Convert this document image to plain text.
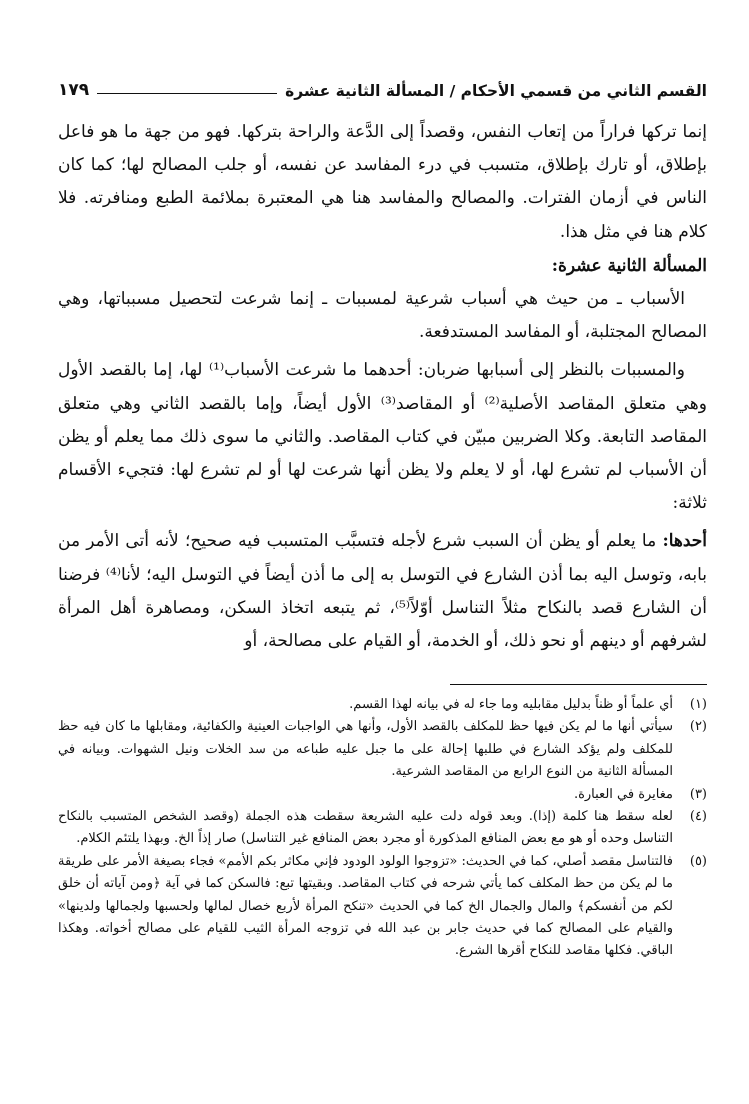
القسم الثاني من قسمي الأحكام / المسألة الثانية عشرة
١٧٩

إنما تركها فراراً من إتعاب النفس، وقصداً إلى الدَّعة والراحة بتركها. فهو من جهة ما هو فاعل بإطلاق، أو تارك بإطلاق، متسبب في درء المفاسد عن نفسه، أو جلب المصالح لها؛ كما كان الناس في أزمان الفترات. والمصالح والمفاسد هنا هي المعتبرة بملائمة الطبع ومنافرته. فلا كلام هنا في مثل هذا.

المسألة الثانية عشرة:

الأسباب ـ من حيث هي أسباب شرعية لمسببات ـ إنما شرعت لتحصيل مسبباتها، وهي المصالح المجتلبة، أو المفاسد المستدفعة.

والمسببات بالنظر إلى أسبابها ضربان: أحدهما ما شرعت الأسباب⁽¹⁾ لها، إما بالقصد الأول وهي متعلق المقاصد الأصلية⁽²⁾ أو المقاصد⁽³⁾ الأول أيضاً، وإما بالقصد الثاني وهي متعلق المقاصد التابعة. وكلا الضربين مبيّن في كتاب المقاصد. والثاني ما سوى ذلك مما يعلم أو يظن أن الأسباب لم تشرع لها، أو لا يعلم ولا يظن أنها شرعت لها أو لم تشرع لها: فتجيء الأقسام ثلاثة:

أحدها: ما يعلم أو يظن أن السبب شرع لأجله فتسبَّب المتسبب فيه صحيح؛ لأنه أتى الأمر من بابه، وتوسل اليه بما أذن الشارع في التوسل به إلى ما أذن أيضاً في التوسل اليه؛ لأنا⁽⁴⁾ فرضنا أن الشارع قصد بالنكاح مثلاً التناسل أوّلاً⁽⁵⁾، ثم يتبعه اتخاذ السكن، ومصاهرة أهل المرأة لشرفهم أو دينهم أو نحو ذلك، أو الخدمة، أو القيام على مصالحة، أو

(١)
أي علماً أو ظناً بدليل مقابليه وما جاء له في بيانه لهذا القسم.
(٢)
سيأتي أنها ما لم يكن فيها حظ للمكلف بالقصد الأول، وأنها هي الواجبات العينية والكفائية، ومقابلها ما كان فيه حظ للمكلف ولم يؤكد الشارع في طلبها إحالة على ما جبل عليه طباعه من سد الخلات ونيل الشهوات. وبيانه في المسألة الثانية من النوع الرابع من المقاصد الشرعية.
(٣)
مغايرة في العبارة.
(٤)
لعله سقط هنا كلمة (إذا). وبعد قوله دلت عليه الشريعة سقطت هذه الجملة (وقصد الشخص المتسبب بالنكاح التناسل وحده أو هو مع بعض المنافع المذكورة أو مجرد بعض المنافع غير التناسل) صار إذاً الخ. وبهذا يلتئم الكلام.
(٥)
فالتناسل مقصد أصلي، كما في الحديث: «تزوجوا الولود الودود فإني مكاثر بكم الأمم» فجاء بصيغة الأمر على طريقة ما لم يكن من حظ المكلف كما يأتي شرحه في كتاب المقاصد. وبقيتها تبع: فالسكن كما في آية ﴿ومن آياته أن خلق لكم من أنفسكم﴾ والمال والجمال الخ كما في الحديث «تنكح المرأة لأربع خصال لمالها ولحسبها ولجمالها ولدينها» والقيام على المصالح كما في حديث جابر بن عبد الله في تزوجه المرأة الثيب للقيام على مصالح أخواته. وهكذا الباقي. فكلها مقاصد للنكاح أقرها الشرع.
